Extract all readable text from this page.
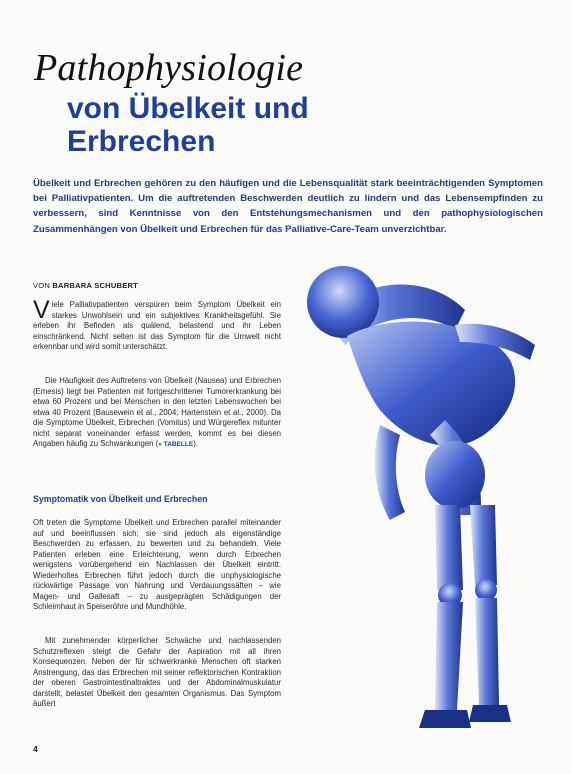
Pathophysiologie
von Übelkeit und
Erbrechen

Übelkeit und Erbrechen gehören zu den häufigen und die Lebensqualität stark beeinträchtigenden Symptomen bei Palliativpatienten. Um die auftretenden Beschwerden deutlich zu lindern und das Lebensempfinden zu verbessern, sind Kenntnisse von den Entstehungsmechanismen und den pathophysiologischen Zusammenhängen von Übelkeit und Erbrechen für das Palliative-Care-Team unverzichtbar.

VON BARBARA SCHUBERT

Viele Palliativpatienten verspüren beim Symptom Übelkeit ein starkes Unwohlsein und ein subjektives Krankheitsgefühl. Sie erleben ihr Befinden als quälend, belastend und ihr Leben einschränkend. Nicht selten ist das Symptom für die Umwelt nicht erkennbar und wird somit unterschätzt.

Die Häufigkeit des Auftretens von Übelkeit (Nausea) und Erbrechen (Emesis) liegt bei Patienten mit fortgeschrittener Tumorerkrankung bei etwa 60 Prozent und bei Menschen in den letzten Lebenswochen bei etwa 40 Prozent (Bausewein et al., 2004; Hartenstein et al., 2000). Da die Symptome Übelkeit, Erbrechen (Vomitus) und Würgereflex mitunter nicht separat voneinander erfasst werden, kommt es bei diesen Angaben häufig zu Schwankungen (» TABELLE).

Symptomatik von Übelkeit und Erbrechen

Oft treten die Symptome Übelkeit und Erbrechen parallel miteinander auf und beeinflussen sich; sie sind jedoch als eigenständige Beschwerden zu erfassen, zu bewerten und zu behandeln. Viele Patienten erleben eine Erleichterung, wenn durch Erbrechen wenigstens vorübergehend ein Nachlassen der Übelkeit eintritt. Wiederholtes Erbrechen führt jedoch durch die unphysiologische rückwärtige Passage von Nahrung und Verdauungssäften – wie Magen- und Gallesaft – zu ausgeprägten Schädigungen der Schleimhaut in Speiseröhre und Mundhöhle.

Mit zunehmender körperlicher Schwäche und nachlassenden Schutzreflexen steigt die Gefahr der Aspiration mit all ihren Konsequenzen. Neben der für schwerkranke Menschen oft starken Anstrengung, das das Erbrechen mit seiner reflektorischen Kontraktion der oberen Gastrointestinaltraktes und der Abdominalmuskulatur darstellt, belastet Übelkeit den gesamten Organismus. Das Symptom äußert

4
